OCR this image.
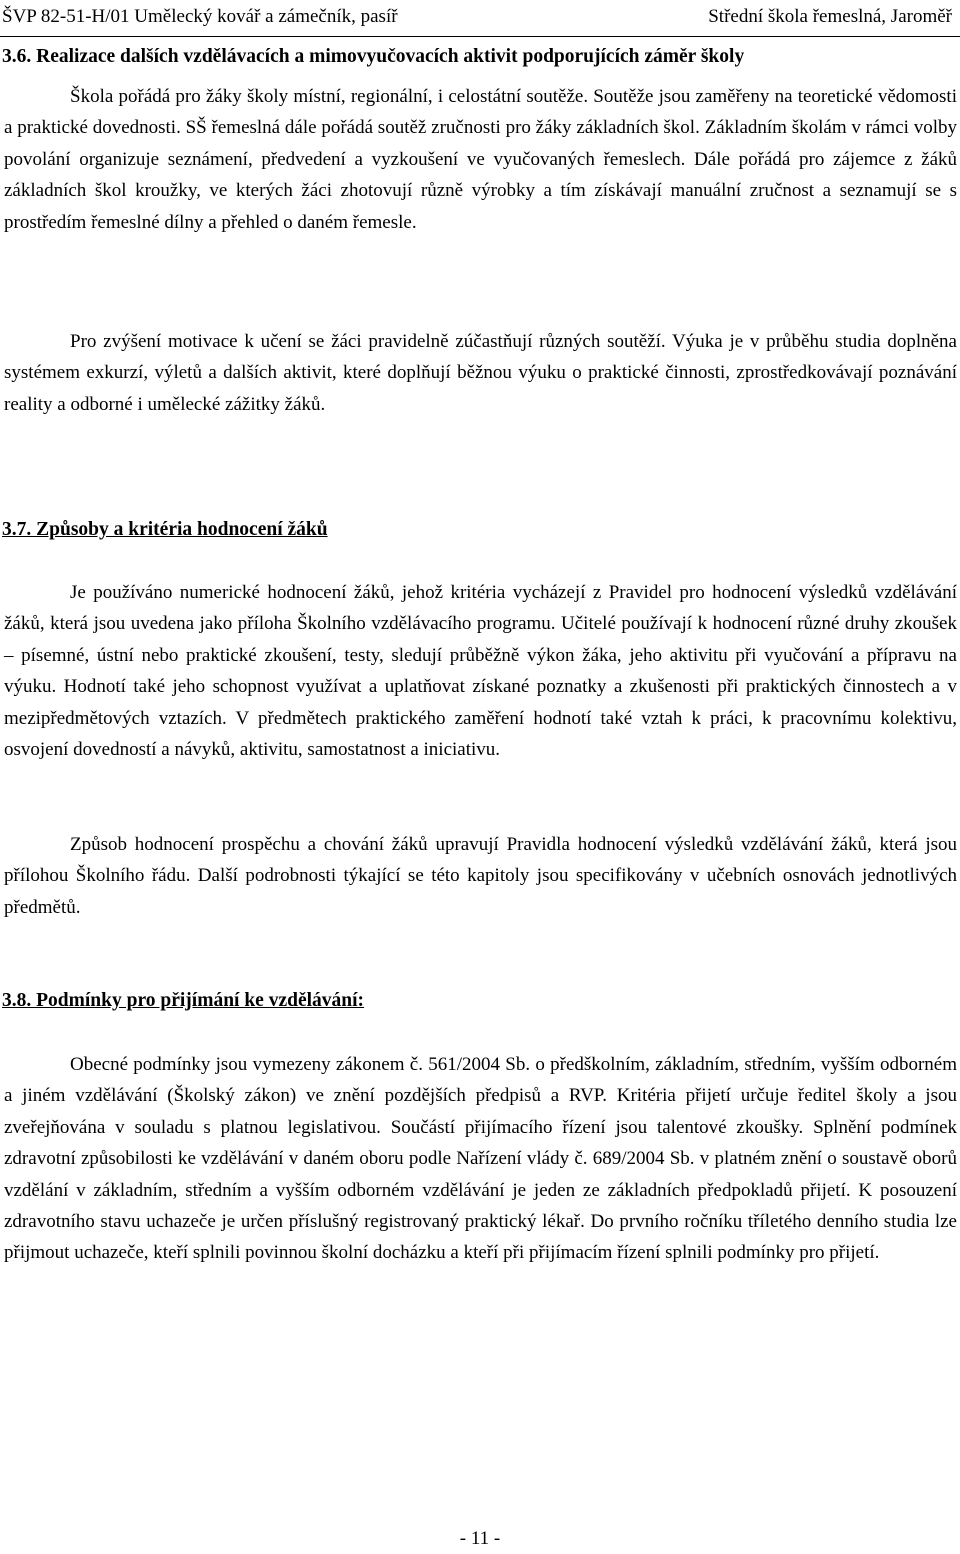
ŠVP 82-51-H/01 Umělecký kovář a zámečník, pasíř	Střední škola řemeslná, Jaroměř
3.6. Realizace dalších vzdělávacích a mimovyučovacích aktivit podporujících záměr školy

Škola pořádá pro žáky školy místní, regionální, i celostátní soutěže. Soutěže jsou zaměřeny na teoretické vědomosti a praktické dovednosti. SŠ řemeslná dále pořádá soutěž zručnosti pro žáky základních škol. Základním školám v rámci volby povolání organizuje seznámení, předvedení a vyzkoušení ve vyučovaných řemeslech. Dále pořádá pro zájemce z žáků základních škol kroužky, ve kterých žáci zhotovují různě výrobky a tím získávají manuální zručnost a seznamují se s prostředím řemeslné dílny a přehled o daném řemesle.

Pro zvýšení motivace k učení se žáci pravidelně zúčastňují různých soutěží. Výuka je v průběhu studia doplněna systémem exkurzí, výletů a dalších aktivit, které doplňují běžnou výuku o praktické činnosti, zprostředkovávají poznávání reality a odborné i umělecké zážitky žáků.

3.7. Způsoby a kritéria hodnocení žáků

Je používáno numerické hodnocení žáků, jehož kritéria vycházejí z Pravidel pro hodnocení výsledků vzdělávání žáků, která jsou uvedena jako příloha Školního vzdělávacího programu. Učitelé používají k hodnocení různé druhy zkoušek – písemné, ústní nebo praktické zkoušení, testy, sledují průběžně výkon žáka, jeho aktivitu při vyučování a přípravu na výuku. Hodnotí také jeho schopnost využívat a uplatňovat získané poznatky a zkušenosti při praktických činnostech a v mezipředmětových vztazích. V předmětech praktického zaměření hodnotí také vztah k práci, k pracovnímu kolektivu, osvojení dovedností a návyků, aktivitu, samostatnost a iniciativu.

Způsob hodnocení prospěchu a chování žáků upravují Pravidla hodnocení výsledků vzdělávání žáků, která jsou přílohou Školního řádu. Další podrobnosti týkající se této kapitoly jsou specifikovány v učebních osnovách jednotlivých předmětů.

3.8. Podmínky pro přijímání ke vzdělávání:

Obecné podmínky jsou vymezeny zákonem č. 561/2004 Sb. o předškolním, základním, středním, vyšším odborném a jiném vzdělávání (Školský zákon) ve znění pozdějších předpisů a RVP. Kritéria přijetí určuje ředitel školy a jsou zveřejňována v souladu s platnou legislativou. Součástí přijímacího řízení jsou talentové zkoušky. Splnění podmínek zdravotní způsobilosti ke vzdělávání v daném oboru podle Nařízení vlády č. 689/2004 Sb. v platném znění o soustavě oborů vzdělání v základním, středním a vyšším odborném vzdělávání je jeden ze základních předpokladů přijetí. K posouzení zdravotního stavu uchazeče je určen příslušný registrovaný praktický lékař. Do prvního ročníku tříletého denního studia lze přijmout uchazeče, kteří splnili povinnou školní docházku a kteří při přijímacím řízení splnili podmínky pro přijetí.

- 11 -
